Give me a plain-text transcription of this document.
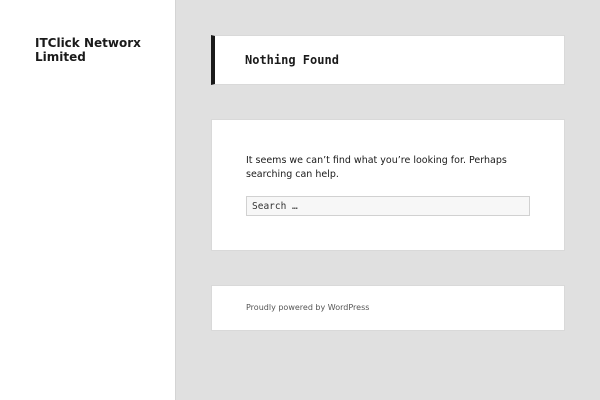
ITClick Networx Limited	Nothing Found

It seems we can’t find what you’re looking for. Perhaps searching can help.

Search …
Proudly powered by WordPress
